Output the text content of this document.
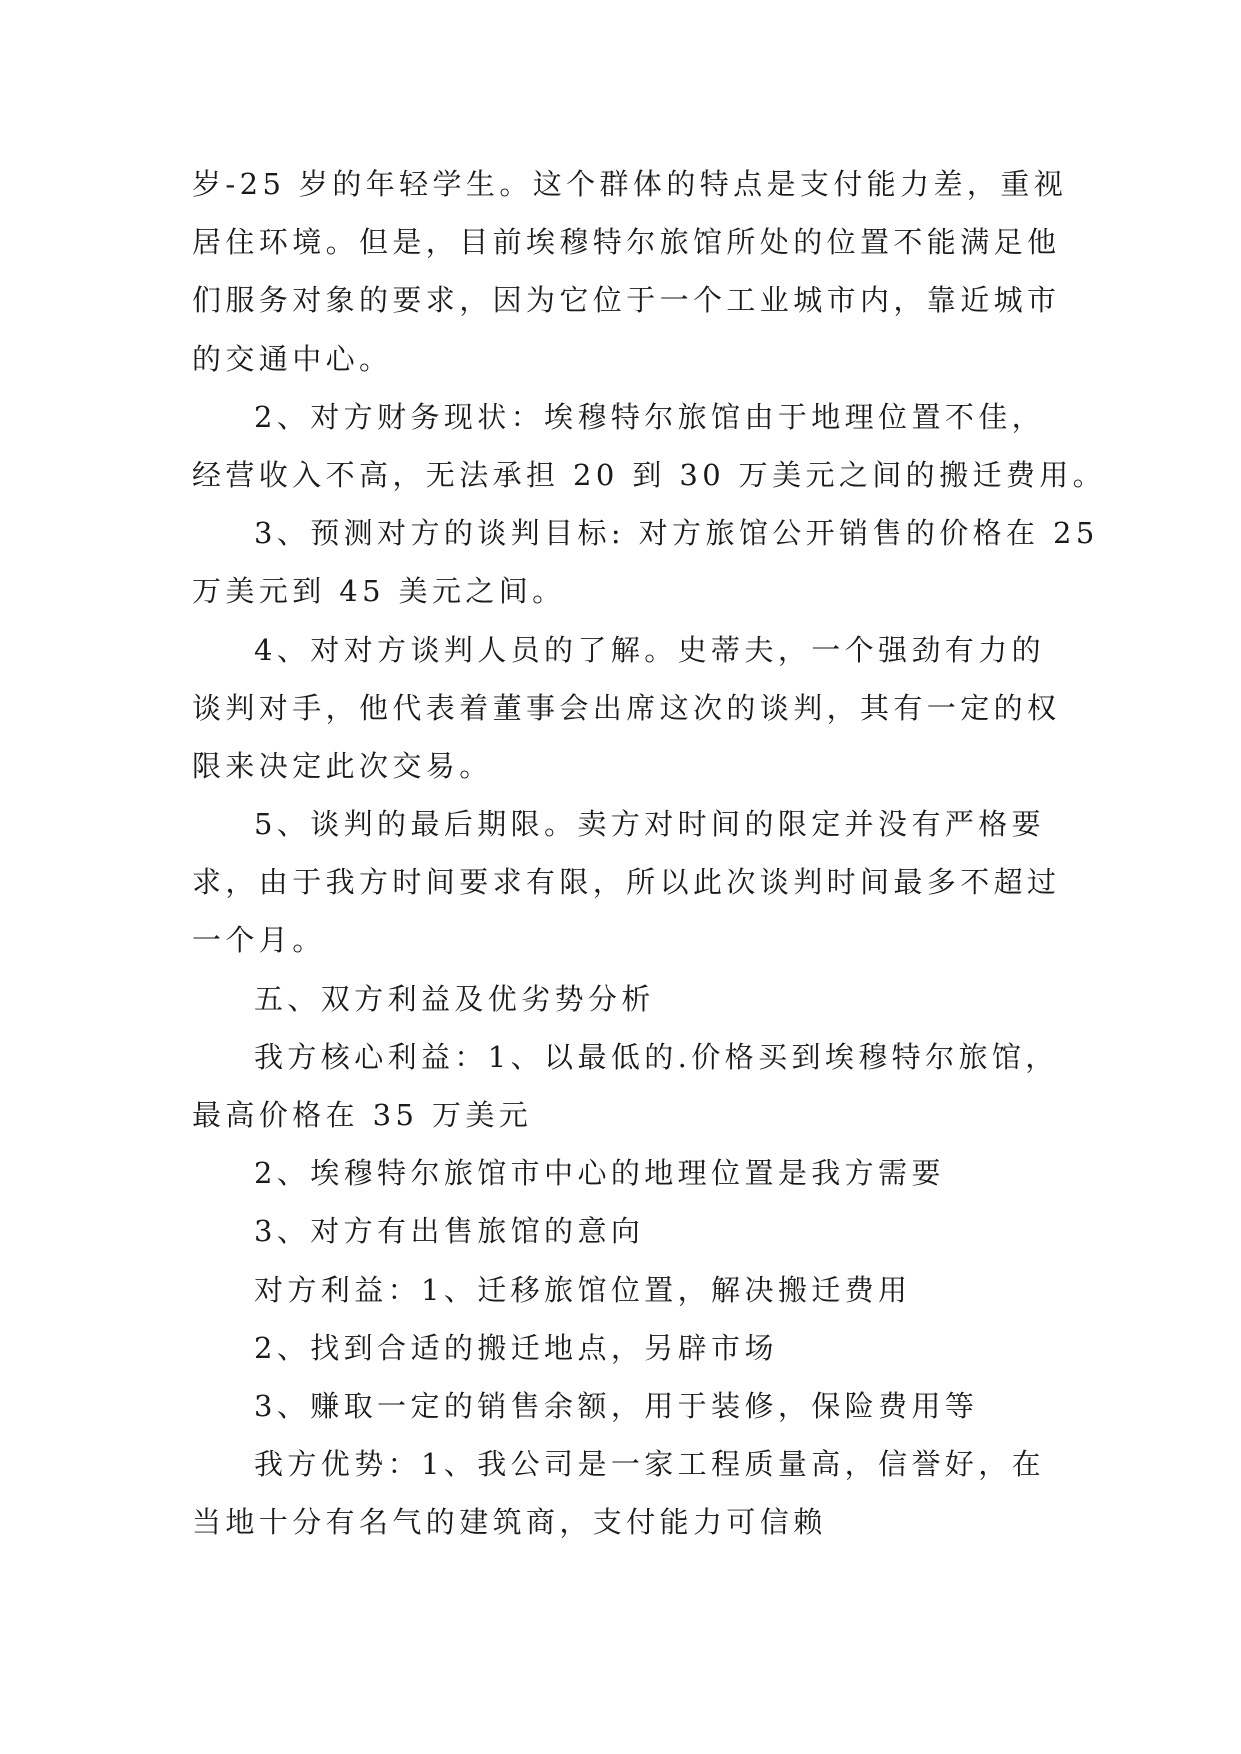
岁-25 岁的年轻学生。这个群体的特点是支付能力差，重视
居住环境。但是，目前埃穆特尔旅馆所处的位置不能满足他
们服务对象的要求，因为它位于一个工业城市内，靠近城市
的交通中心。
2、对方财务现状：埃穆特尔旅馆由于地理位置不佳，
经营收入不高，无法承担 20 到 30 万美元之间的搬迁费用。
3、预测对方的谈判目标: 对方旅馆公开销售的价格在 25
万美元到 45 美元之间。
4、对对方谈判人员的了解。史蒂夫，一个强劲有力的
谈判对手，他代表着董事会出席这次的谈判，其有一定的权
限来决定此次交易。
5、谈判的最后期限。卖方对时间的限定并没有严格要
求，由于我方时间要求有限，所以此次谈判时间最多不超过
一个月。
五、双方利益及优劣势分析
我方核心利益：1、以最低的.价格买到埃穆特尔旅馆，
最高价格在 35 万美元
2、埃穆特尔旅馆市中心的地理位置是我方需要
3、对方有出售旅馆的意向
对方利益：1、迁移旅馆位置，解决搬迁费用
2、找到合适的搬迁地点，另辟市场
3、赚取一定的销售余额，用于装修，保险费用等
我方优势：1、我公司是一家工程质量高，信誉好，在
当地十分有名气的建筑商，支付能力可信赖
